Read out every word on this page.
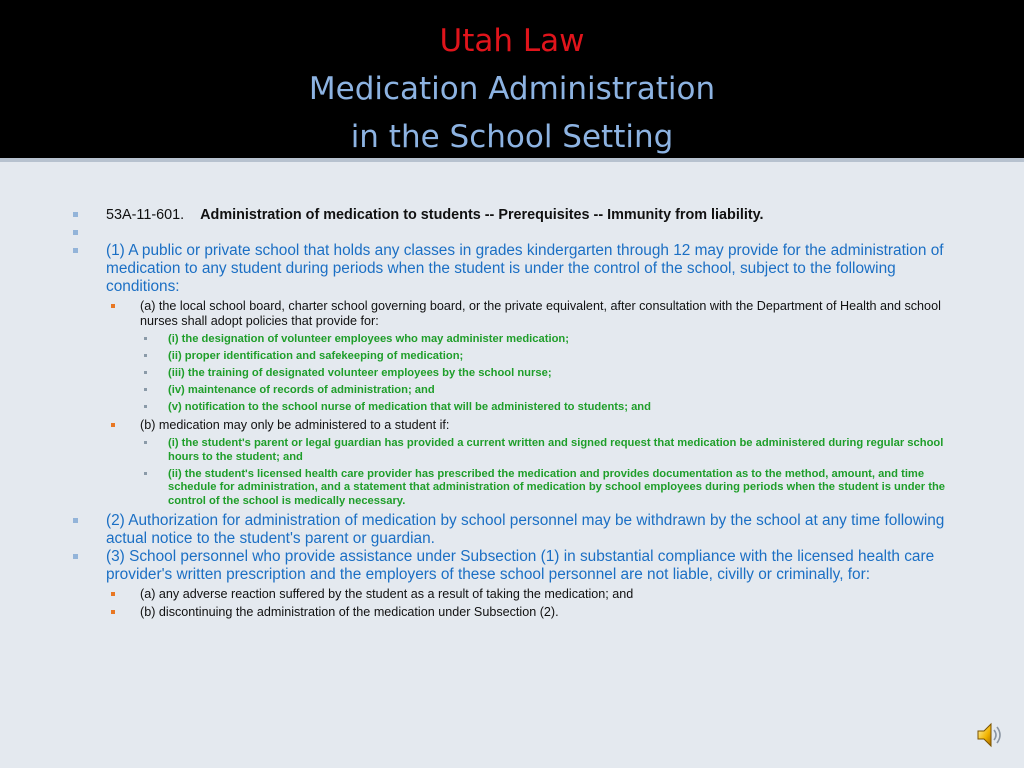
Utah Law
Medication Administration
in the School Setting
53A-11-601. Administration of medication to students -- Prerequisites -- Immunity from liability.
(1) A public or private school that holds any classes in grades kindergarten through 12 may provide for the administration of medication to any student during periods when the student is under the control of the school, subject to the following conditions:
(a) the local school board, charter school governing board, or the private equivalent, after consultation with the Department of Health and school nurses shall adopt policies that provide for:
(i) the designation of volunteer employees who may administer medication;
(ii) proper identification and safekeeping of medication;
(iii) the training of designated volunteer employees by the school nurse;
(iv) maintenance of records of administration; and
(v) notification to the school nurse of medication that will be administered to students; and
(b) medication may only be administered to a student if:
(i) the student's parent or legal guardian has provided a current written and signed request that medication be administered during regular school hours to the student; and
(ii) the student's licensed health care provider has prescribed the medication and provides documentation as to the method, amount, and time schedule for administration, and a statement that administration of medication by school employees during periods when the student is under the control of the school is medically necessary.
(2) Authorization for administration of medication by school personnel may be withdrawn by the school at any time following actual notice to the student's parent or guardian.
(3) School personnel who provide assistance under Subsection (1) in substantial compliance with the licensed health care provider's written prescription and the employers of these school personnel are not liable, civilly or criminally, for:
(a) any adverse reaction suffered by the student as a result of taking the medication; and
(b) discontinuing the administration of the medication under Subsection (2).
